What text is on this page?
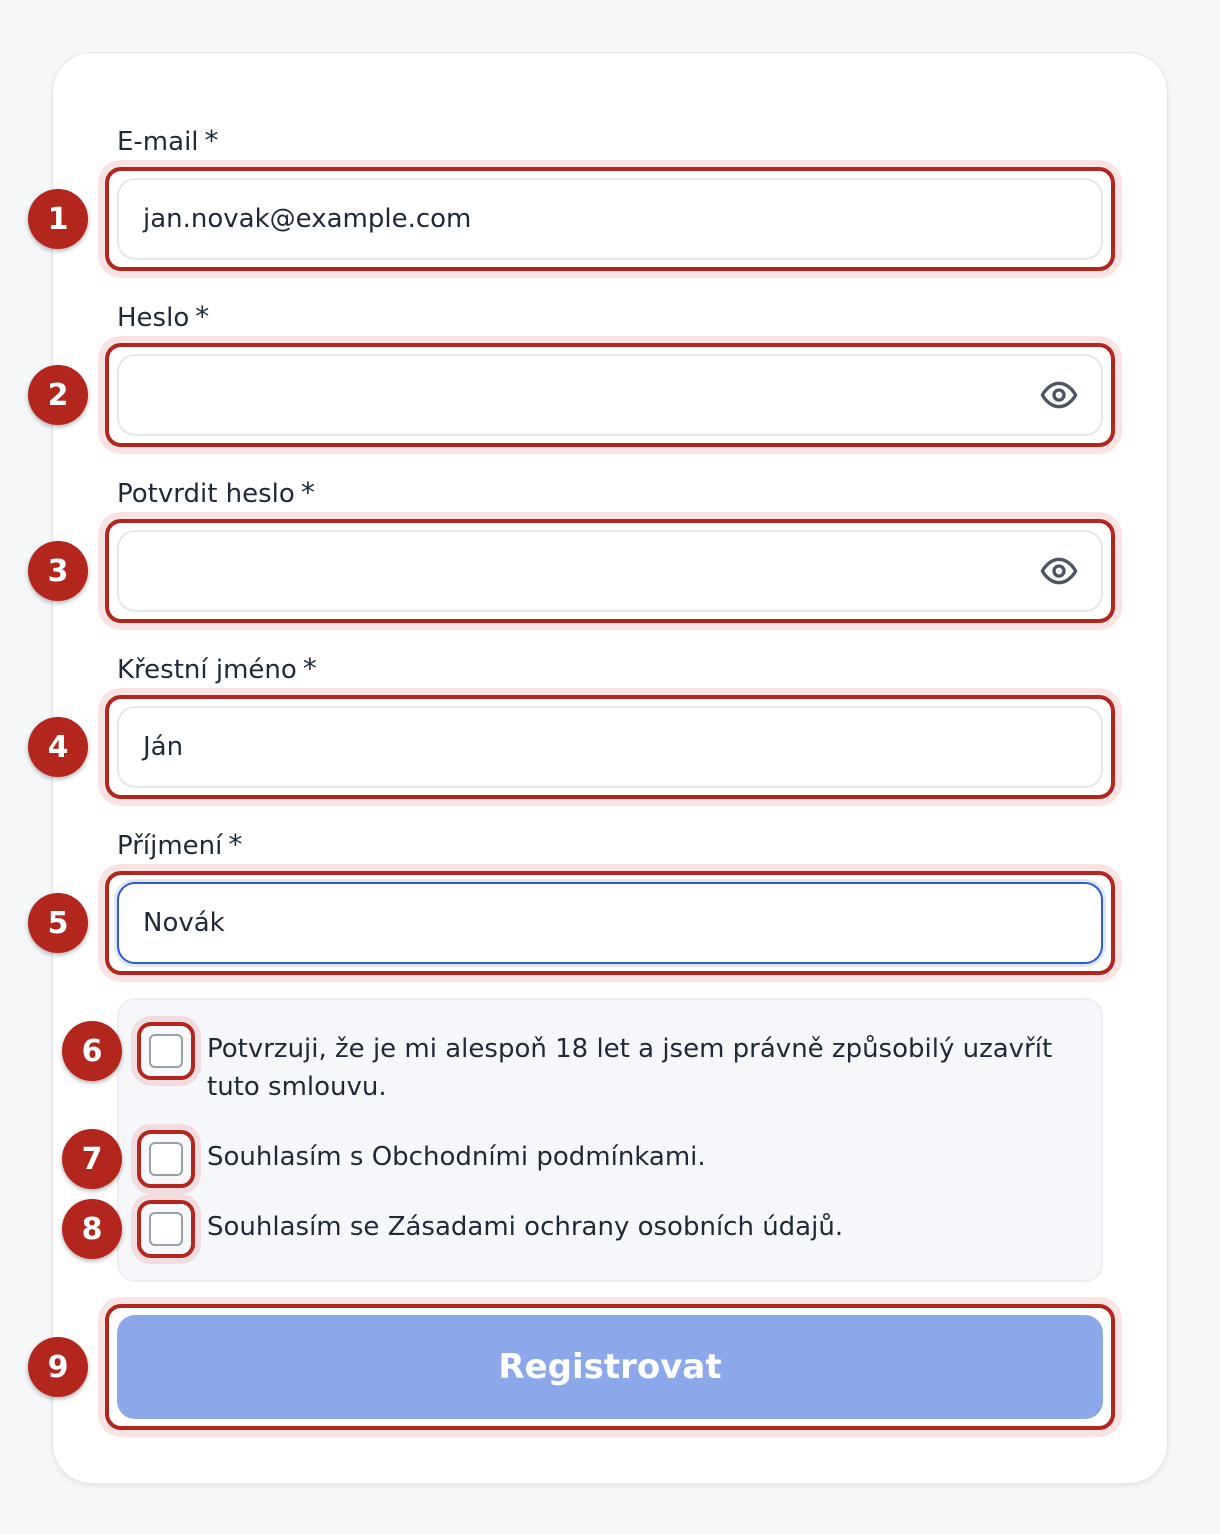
E-mail *
jan.novak@example.com
1
Heslo *
2
Potvrdit heslo *
3
Křestní jméno *
Ján
4
Příjmení *
Novák
5
Potvrzuji, že je mi alespoň 18 let a jsem právně způsobilý uzavřít tuto smlouvu.
6
Souhlasím s Obchodními podmínkami.
7
Souhlasím se Zásadami ochrany osobních údajů.
8
Registrovat
9
